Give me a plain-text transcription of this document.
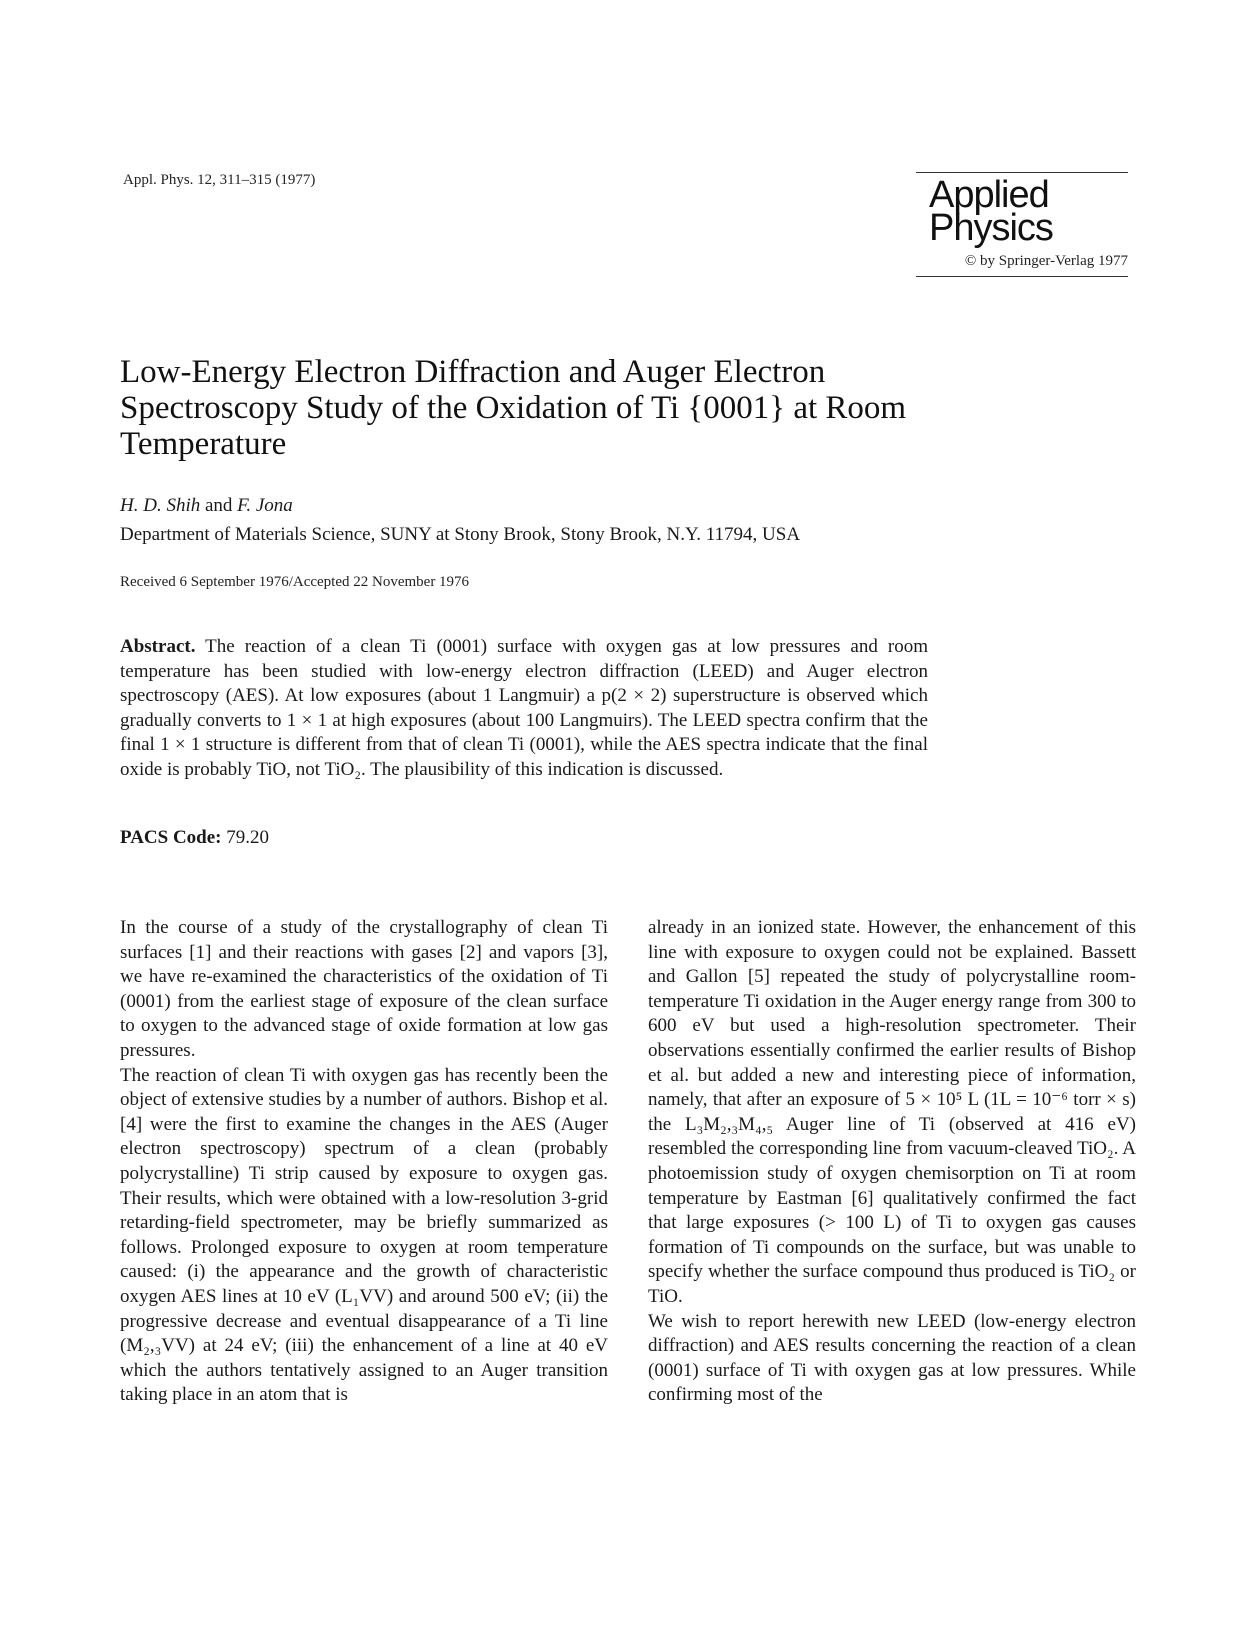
Appl. Phys. 12, 311–315 (1977)	Applied
Physics
© by Springer-Verlag 1977
Low-Energy Electron Diffraction and Auger Electron Spectroscopy Study of the Oxidation of Ti {0001} at Room Temperature
H. D. Shih and F. Jona
Department of Materials Science, SUNY at Stony Brook, Stony Brook, N.Y. 11794, USA
Received 6 September 1976/Accepted 22 November 1976
Abstract. The reaction of a clean Ti (0001) surface with oxygen gas at low pressures and room temperature has been studied with low-energy electron diffraction (LEED) and Auger electron spectroscopy (AES). At low exposures (about 1 Langmuir) a p(2 × 2) superstructure is observed which gradually converts to 1 × 1 at high exposures (about 100 Langmuirs). The LEED spectra confirm that the final 1 × 1 structure is different from that of clean Ti (0001), while the AES spectra indicate that the final oxide is probably TiO, not TiO₂. The plausibility of this indication is discussed.
PACS Code: 79.20

In the course of a study of the crystallography of clean Ti surfaces [1] and their reactions with gases [2] and vapors [3], we have re-examined the characteristics of the oxidation of Ti (0001) from the earliest stage of exposure of the clean surface to oxygen to the advanced stage of oxide formation at low gas pressures.

The reaction of clean Ti with oxygen gas has recently been the object of extensive studies by a number of authors. Bishop et al. [4] were the first to examine the changes in the AES (Auger electron spectroscopy) spectrum of a clean (probably polycrystalline) Ti strip caused by exposure to oxygen gas. Their results, which were obtained with a low-resolution 3-grid retarding-field spectrometer, may be briefly summarized as follows. Prolonged exposure to oxygen at room temperature caused: (i) the appearance and the growth of characteristic oxygen AES lines at 10 eV (L₁VV) and around 500 eV; (ii) the progressive decrease and eventual disappearance of a Ti line (M₂,₃VV) at 24 eV; (iii) the enhancement of a line at 40 eV which the authors tentatively assigned to an Auger transition taking place in an atom that is

already in an ionized state. However, the enhancement of this line with exposure to oxygen could not be explained. Bassett and Gallon [5] repeated the study of polycrystalline room-temperature Ti oxidation in the Auger energy range from 300 to 600 eV but used a high-resolution spectrometer. Their observations essentially confirmed the earlier results of Bishop et al. but added a new and interesting piece of information, namely, that after an exposure of 5 × 10⁵ L (1L = 10⁻⁶ torr × s) the L₃M₂,₃M₄,₅ Auger line of Ti (observed at 416 eV) resembled the corresponding line from vacuum-cleaved TiO₂. A photoemission study of oxygen chemisorption on Ti at room temperature by Eastman [6] qualitatively confirmed the fact that large exposures (> 100 L) of Ti to oxygen gas causes formation of Ti compounds on the surface, but was unable to specify whether the surface compound thus produced is TiO₂ or TiO.

We wish to report herewith new LEED (low-energy electron diffraction) and AES results concerning the reaction of a clean (0001) surface of Ti with oxygen gas at low pressures. While confirming most of the
